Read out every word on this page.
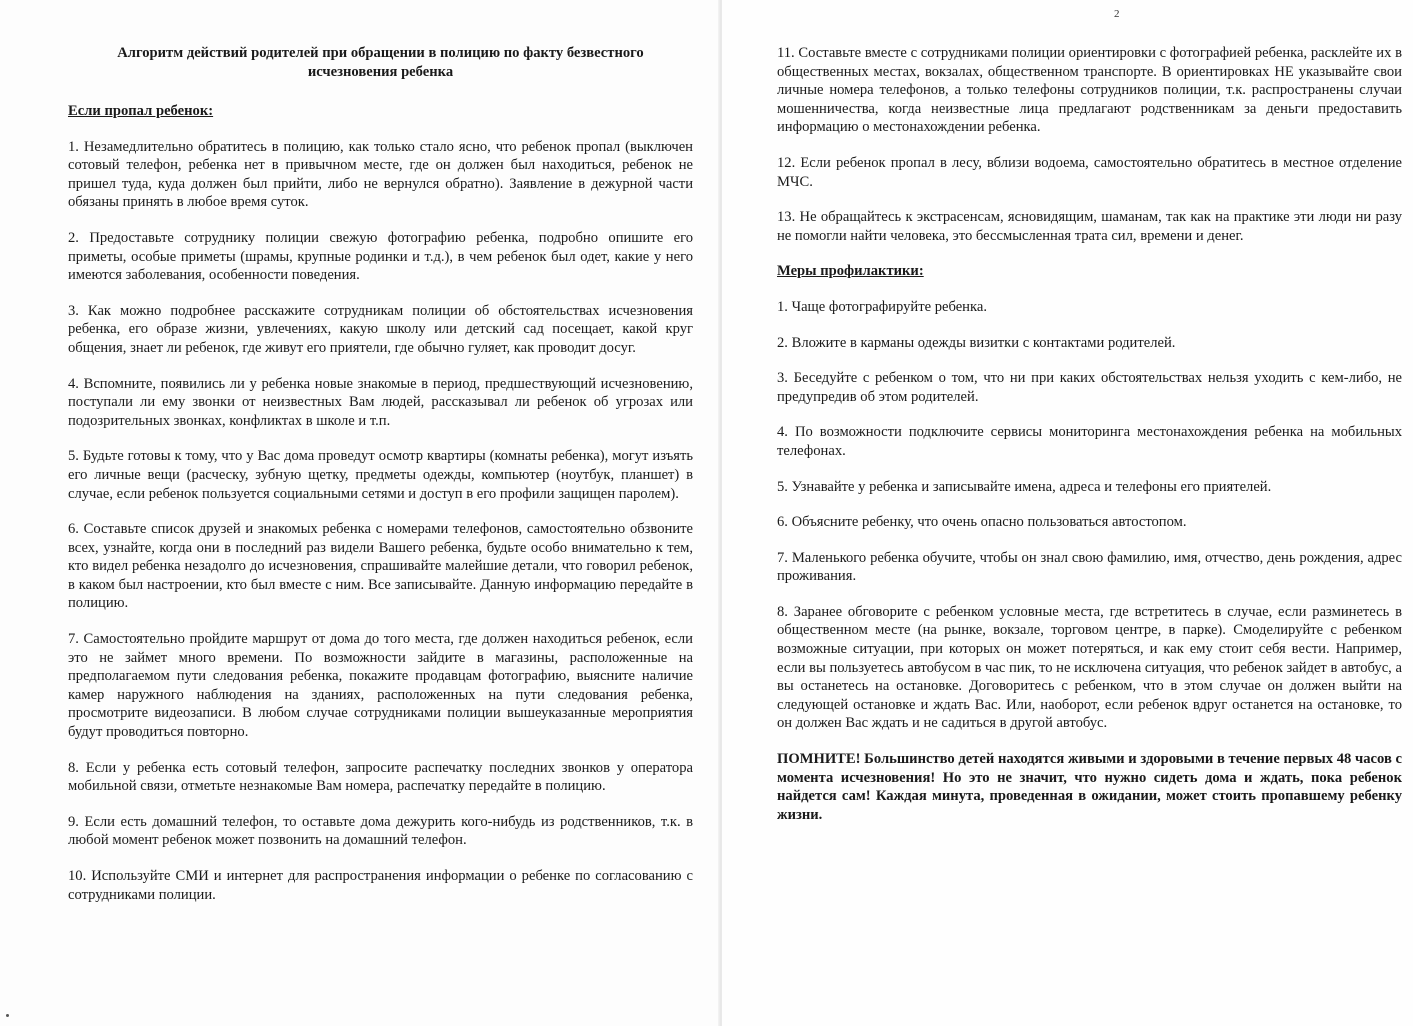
Алгоритм действий родителей при обращении в полицию по факту безвестного исчезновения ребенка
Если пропал ребенок:

1. Незамедлительно обратитесь в полицию, как только стало ясно, что ребенок пропал (выключен сотовый телефон, ребенка нет в привычном месте, где он должен был находиться, ребенок не пришел туда, куда должен был прийти, либо не вернулся обратно). Заявление в дежурной части обязаны принять в любое время суток.

2. Предоставьте сотруднику полиции свежую фотографию ребенка, подробно опишите его приметы, особые приметы (шрамы, крупные родинки и т.д.), в чем ребенок был одет, какие у него имеются заболевания, особенности поведения.

3. Как можно подробнее расскажите сотрудникам полиции об обстоятельствах исчезновения ребенка, его образе жизни, увлечениях, какую школу или детский сад посещает, какой круг общения, знает ли ребенок, где живут его приятели, где обычно гуляет, как проводит досуг.

4. Вспомните, появились ли у ребенка новые знакомые в период, предшествующий исчезновению, поступали ли ему звонки от неизвестных Вам людей, рассказывал ли ребенок об угрозах или подозрительных звонках, конфликтах в школе и т.п.

5. Будьте готовы к тому, что у Вас дома проведут осмотр квартиры (комнаты ребенка), могут изъять его личные вещи (расческу, зубную щетку, предметы одежды, компьютер (ноутбук, планшет) в случае, если ребенок пользуется социальными сетями и доступ в его профили защищен паролем).

6. Составьте список друзей и знакомых ребенка с номерами телефонов, самостоятельно обзвоните всех, узнайте, когда они в последний раз видели Вашего ребенка, будьте особо внимательно к тем, кто видел ребенка незадолго до исчезновения, спрашивайте малейшие детали, что говорил ребенок, в каком был настроении, кто был вместе с ним. Все записывайте. Данную информацию передайте в полицию.

7. Самостоятельно пройдите маршрут от дома до того места, где должен находиться ребенок, если это не займет много времени. По возможности зайдите в магазины, расположенные на предполагаемом пути следования ребенка, покажите продавцам фотографию, выясните наличие камер наружного наблюдения на зданиях, расположенных на пути следования ребенка, просмотрите видеозаписи. В любом случае сотрудниками полиции вышеуказанные мероприятия будут проводиться повторно.

8. Если у ребенка есть сотовый телефон, запросите распечатку последних звонков у оператора мобильной связи, отметьте незнакомые Вам номера, распечатку передайте в полицию.

9. Если есть домашний телефон, то оставьте дома дежурить кого-нибудь из родственников, т.к. в любой момент ребенок может позвонить на домашний телефон.

10. Используйте СМИ и интернет для распространения информации о ребенке по согласованию с сотрудниками полиции.

2

11. Составьте вместе с сотрудниками полиции ориентировки с фотографией ребенка, расклейте их в общественных местах, вокзалах, общественном транспорте. В ориентировках НЕ указывайте свои личные номера телефонов, а только телефоны сотрудников полиции, т.к. распространены случаи мошенничества, когда неизвестные лица предлагают родственникам за деньги предоставить информацию о местонахождении ребенка.

12. Если ребенок пропал в лесу, вблизи водоема, самостоятельно обратитесь в местное отделение МЧС.

13. Не обращайтесь к экстрасенсам, ясновидящим, шаманам, так как на практике эти люди ни разу не помогли найти человека, это бессмысленная трата сил, времени и денег.

Меры профилактики:

1. Чаще фотографируйте ребенка.

2. Вложите в карманы одежды визитки с контактами родителей.

3. Беседуйте с ребенком о том, что ни при каких обстоятельствах нельзя уходить с кем-либо, не предупредив об этом родителей.

4. По возможности подключите сервисы мониторинга местонахождения ребенка на мобильных телефонах.

5. Узнавайте у ребенка и записывайте имена, адреса и телефоны его приятелей.

6. Объясните ребенку, что очень опасно пользоваться автостопом.

7. Маленького ребенка обучите, чтобы он знал свою фамилию, имя, отчество, день рождения, адрес проживания.

8. Заранее обговорите с ребенком условные места, где встретитесь в случае, если разминетесь в общественном месте (на рынке, вокзале, торговом центре, в парке). Смоделируйте с ребенком возможные ситуации, при которых он может потеряться, и как ему стоит себя вести. Например, если вы пользуетесь автобусом в час пик, то не исключена ситуация, что ребенок зайдет в автобус, а вы останетесь на остановке. Договоритесь с ребенком, что в этом случае он должен выйти на следующей остановке и ждать Вас. Или, наоборот, если ребенок вдруг останется на остановке, то он должен Вас ждать и не садиться в другой автобус.

ПОМНИТЕ! Большинство детей находятся живыми и здоровыми в течение первых 48 часов с момента исчезновения! Но это не значит, что нужно сидеть дома и ждать, пока ребенок найдется сам! Каждая минута, проведенная в ожидании, может стоить пропавшему ребенку жизни.
